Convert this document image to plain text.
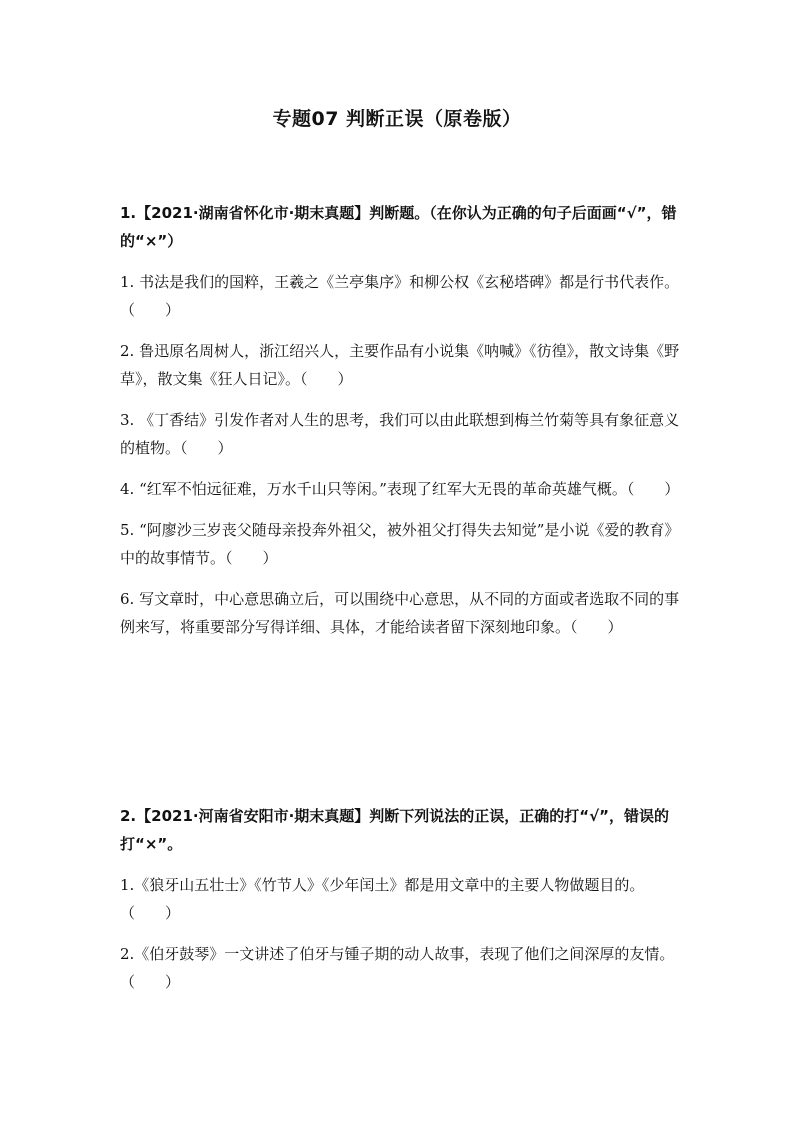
专题07 判断正误（原卷版）
1.【2021·湖南省怀化市·期末真题】判断题。（在你认为正确的句子后面画“√”，错的“×”）
1. 书法是我们的国粹，王羲之《兰亭集序》和柳公权《玄秘塔碑》都是行书代表作。（　　）
2. 鲁迅原名周树人，浙江绍兴人，主要作品有小说集《呐喊》《彷徨》，散文诗集《野草》，散文集《狂人日记》。（　　）
3. 《丁香结》引发作者对人生的思考，我们可以由此联想到梅兰竹菊等具有象征意义的植物。（　　）
4. “红军不怕远征难，万水千山只等闲。”表现了红军大无畏的革命英雄气概。（　　）
5. “阿廖沙三岁丧父随母亲投奔外祖父，被外祖父打得失去知觉”是小说《爱的教育》中的故事情节。（　　）
6. 写文章时，中心意思确立后，可以围绕中心意思，从不同的方面或者选取不同的事例来写，将重要部分写得详细、具体，才能给读者留下深刻地印象。（　　）
2.【2021·河南省安阳市·期末真题】判断下列说法的正误，正确的打“√”，错误的打“×”。
1.《狼牙山五壮士》《竹节人》《少年闰土》都是用文章中的主要人物做题目的。（　　）
2.《伯牙鼓琴》一文讲述了伯牙与锺子期的动人故事，表现了他们之间深厚的友情。（　　）
